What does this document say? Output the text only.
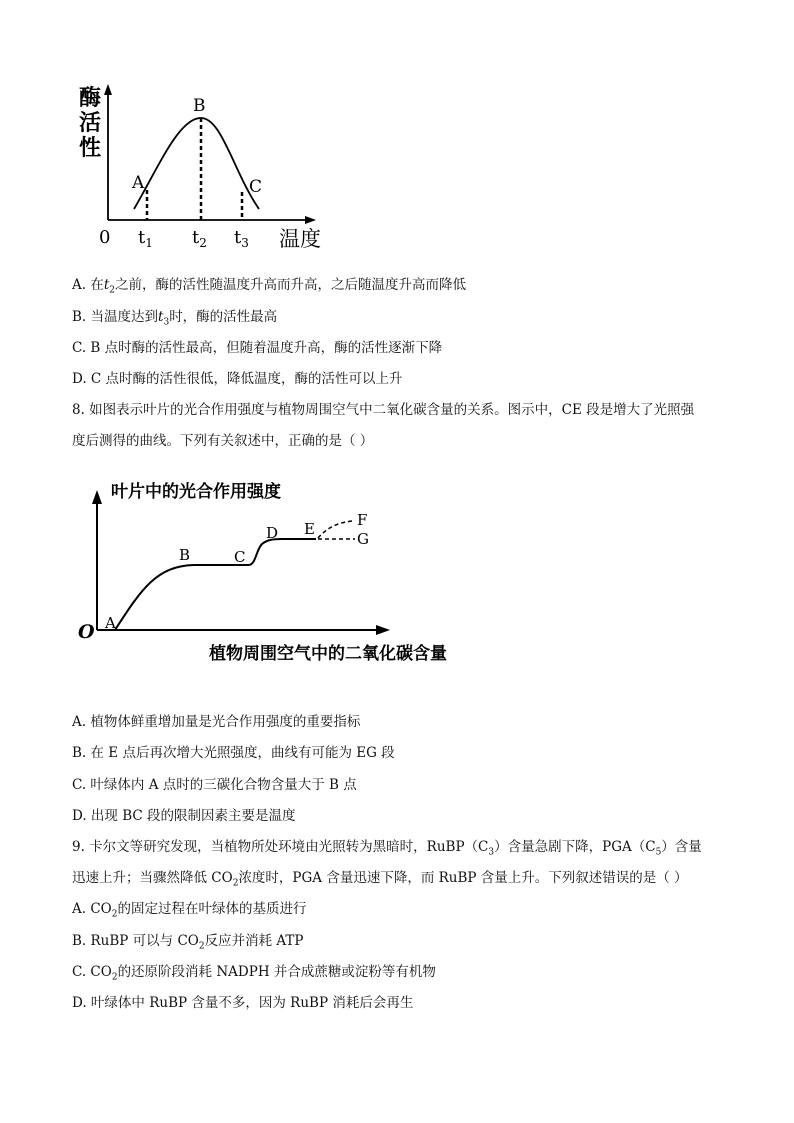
酶
活
性
A
B
C
0 $t_1$ $t_2$ $t_3$ 温度
A. 在$t_2$之前，酶的活性随温度升高而升高，之后随温度升高而降低
B. 当温度达到$t_3$时，酶的活性最高
C. B 点时酶的活性最高，但随着温度升高，酶的活性逐渐下降
D. C 点时酶的活性很低，降低温度，酶的活性可以上升
8. 如图表示叶片的光合作用强度与植物周围空气中二氧化碳含量的关系。图示中，CE 段是增大了光照强
度后测得的曲线。下列有关叙述中，正确的是（ ）
叶片中的光合作用强度
O A
B	C
D E	F
G
植物周围空气中的二氧化碳含量
A. 植物体鲜重增加量是光合作用强度的重要指标
B. 在 E 点后再次增大光照强度，曲线有可能为 EG 段
C. 叶绿体内 A 点时的三碳化合物含量大于 B 点
D. 出现 BC 段的限制因素主要是温度
9. 卡尔文等研究发现，当植物所处环境由光照转为黑暗时，$RuBP(C_3)$含量急剧下降，$PGA(C_5)$含量
迅速上升；当骤然降低 $CO_2$浓度时，PGA 含量迅速下降，而 RuBP 含量上升。下列叙述错误的是（ ）
A. $CO_2$的固定过程在叶绿体的基质进行
B. RuBP 可以与 $CO_2$反应并消耗 ATP
C. $CO_2$的还原阶段消耗 NADPH 并合成蔗糖或淀粉等有机物
D. 叶绿体中 RuBP 含量不多，因为 RuBP 消耗后会再生
